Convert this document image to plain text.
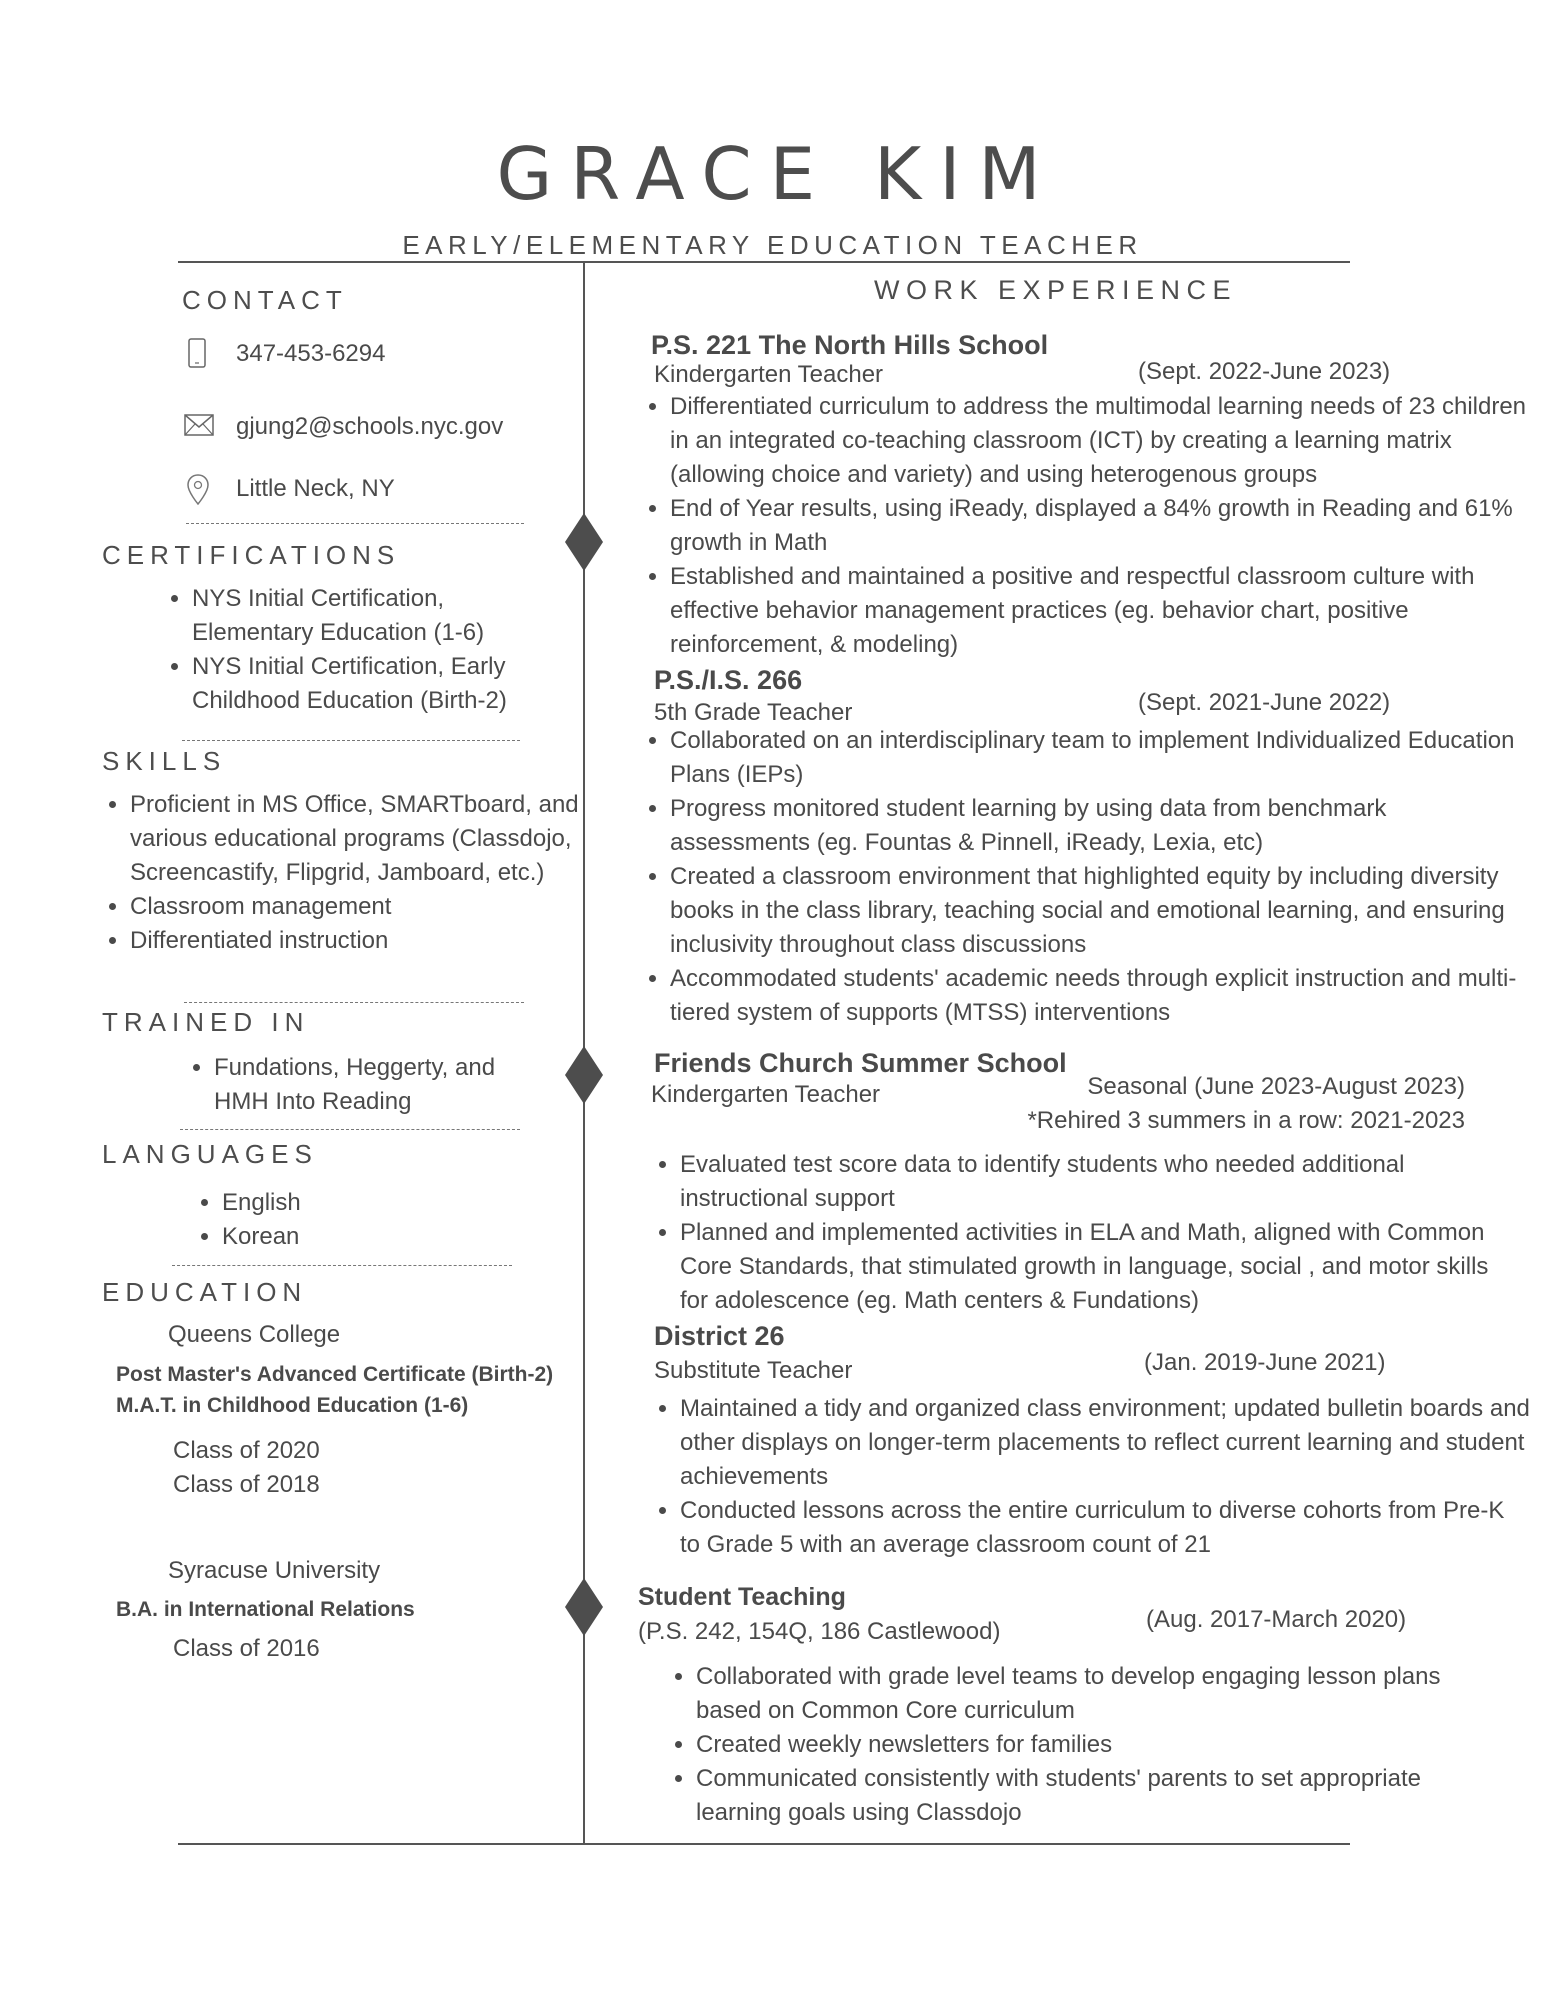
GRACE KIM
EARLY/ELEMENTARY EDUCATION TEACHER
CONTACT
347-453-6294
gjung2@schools.nyc.gov
Little Neck, NY
CERTIFICATIONS
• NYS Initial Certification, Elementary Education (1-6)
• NYS Initial Certification, Early Childhood Education (Birth-2)
SKILLS
• Proficient in MS Office, SMARTboard, and various educational programs (Classdojo, Screencastify, Flipgrid, Jamboard, etc.)
• Classroom management
• Differentiated instruction
TRAINED IN
• Fundations, Heggerty, and HMH Into Reading
LANGUAGES
• English
• Korean
EDUCATION
Queens College
Post Master's Advanced Certificate (Birth-2)
M.A.T. in Childhood Education (1-6)
Class of 2020
Class of 2018
Syracuse University
B.A. in International Relations
Class of 2016
WORK EXPERIENCE
P.S. 221 The North Hills School
Kindergarten Teacher	(Sept. 2022-June 2023)
• Differentiated curriculum to address the multimodal learning needs of 23 children in an integrated co-teaching classroom (ICT) by creating a learning matrix (allowing choice and variety) and using heterogenous groups
• End of Year results, using iReady, displayed a 84% growth in Reading and 61% growth in Math
• Established and maintained a positive and respectful classroom culture with effective behavior management practices (eg. behavior chart, positive reinforcement, & modeling)
P.S./I.S. 266
5th Grade Teacher	(Sept. 2021-June 2022)
• Collaborated on an interdisciplinary team to implement Individualized Education Plans (IEPs)
• Progress monitored student learning by using data from benchmark assessments (eg. Fountas & Pinnell, iReady, Lexia, etc)
• Created a classroom environment that highlighted equity by including diversity books in the class library, teaching social and emotional learning, and ensuring inclusivity throughout class discussions
• Accommodated students' academic needs through explicit instruction and multi-tiered system of supports (MTSS) interventions
Friends Church Summer School
Kindergarten Teacher	Seasonal (June 2023-August 2023)
*Rehired 3 summers in a row: 2021-2023
• Evaluated test score data to identify students who needed additional instructional support
• Planned and implemented activities in ELA and Math, aligned with Common Core Standards, that stimulated growth in language, social , and motor skills for adolescence (eg. Math centers & Fundations)
District 26
Substitute Teacher	(Jan. 2019-June 2021)
• Maintained a tidy and organized class environment; updated bulletin boards and other displays on longer-term placements to reflect current learning and student achievements
• Conducted lessons across the entire curriculum to diverse cohorts from Pre-K to Grade 5 with an average classroom count of 21
Student Teaching
(P.S. 242, 154Q, 186 Castlewood)	(Aug. 2017-March 2020)
• Collaborated with grade level teams to develop engaging lesson plans based on Common Core curriculum
• Created weekly newsletters for families
• Communicated consistently with students' parents to set appropriate learning goals using Classdojo
